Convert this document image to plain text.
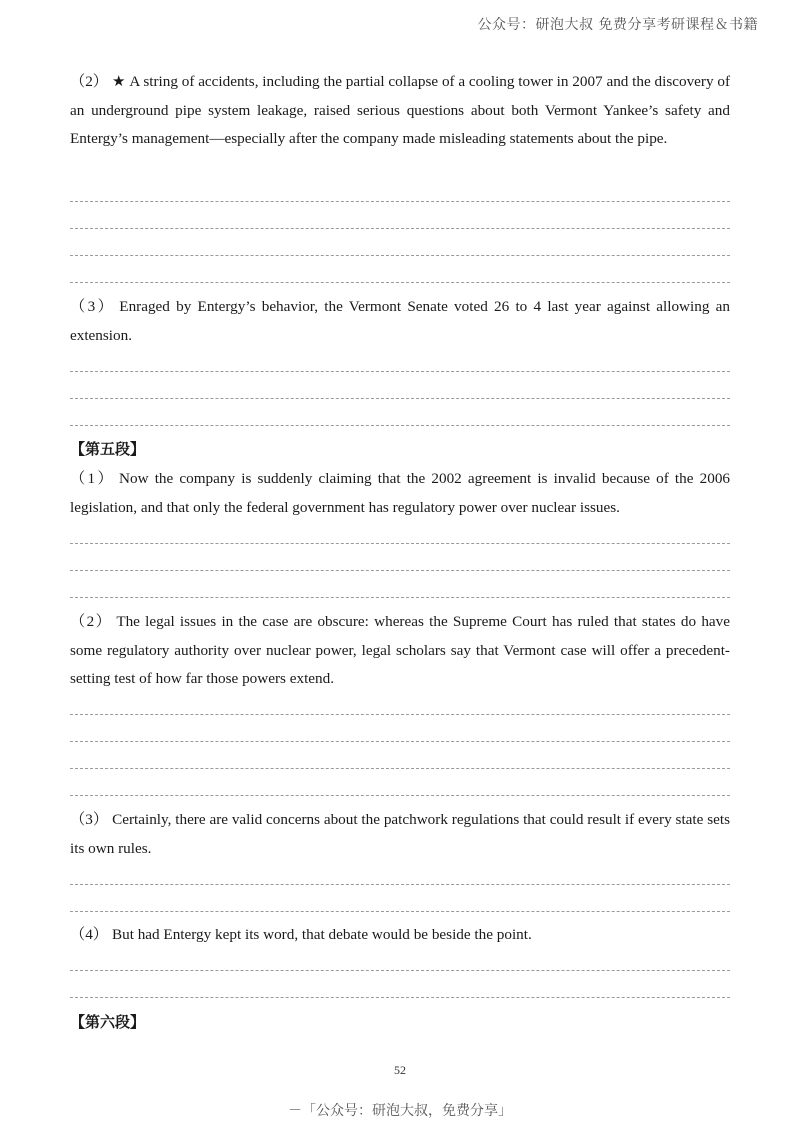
公众号：研泡大叔 免费分享考研课程＆书籍
（2） ★ A string of accidents, including the partial collapse of a cooling tower in 2007 and the discovery of an underground pipe system leakage, raised serious questions about both Vermont Yankee’s safety and Entergy’s management—especially after the company made misleading statements about the pipe.
（3） Enraged by Entergy’s behavior, the Vermont Senate voted 26 to 4 last year against allowing an extension.
【第五段】
（1） Now the company is suddenly claiming that the 2002 agreement is invalid because of the 2006 legislation, and that only the federal government has regulatory power over nuclear issues.
（2） The legal issues in the case are obscure: whereas the Supreme Court has ruled that states do have some regulatory authority over nuclear power, legal scholars say that Vermont case will offer a precedent-setting test of how far those powers extend.
（3） Certainly, there are valid concerns about the patchwork regulations that could result if every state sets its own rules.
（4） But had Entergy kept its word, that debate would be beside the point.
【第六段】
52
－「公众号：研泡大叔，免费分享」
